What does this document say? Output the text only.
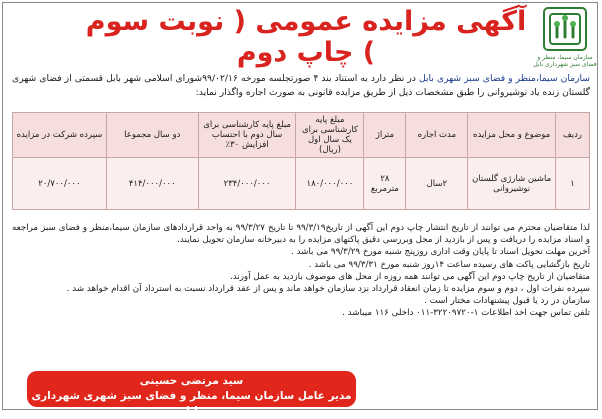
آگهی مزایده عمومی ( نوبت سوم ) چاپ دوم	سازمان سیما، منظر و فضای سبز شهرداری بابل
سازمان سیما،منظر و فضای سبز شهری بابل در نظر دارد به استناد بند ۴ صورتجلسه مورخه ۹۹/۰۲/۱۶شورای اسلامی شهر بابل قسمتی از فضای شهری گلستان زنده یاد نوشیروانی را طبق مشخصات ذیل از طریق مزایده قانونی به صورت اجاره واگذار نماید:
ردیف	موضوع و محل مزایده	مدت اجاره	متراژ	مبلغ پایه کارشناسی برای یک سال اول (ریال)	مبلغ پایه کارشناسی برای سال دوم با احتساب افزایش ۳۰٪	دو سال مجموعا	سپرده شرکت در مزایده
۱	ماشین شارژی گلستان نوشیروانی	۲سال	۲۸ مترمربع	۱۸۰/۰۰۰/۰۰۰	۲۳۴/۰۰۰/۰۰۰	۴۱۴/۰۰۰/۰۰۰	۲۰/۷۰۰/۰۰۰

لذا متقاضیان محترم می توانند از تاریخ انتشار چاپ دوم این آگهی از تاریخ۹۹/۳/۱۹ تا تاریخ ۹۹/۳/۲۷ به واحد قراردادهای سازمان سیما،منظر و فضای سبز مراجعه و اسناد مزایده را دریافت و پس از بازدید از محل وبررسی دقیق پاکتهای مزایده را به دبیرخانه سازمان تحویل نمایند.

آخرین مهلت تحویل اسناد تا پایان وقت اداری روزپنج شنبه مورخ ۹۹/۳/۲۹ می باشد .

تاریخ بازگشایی پاکت های رسیده ساعت ۱۴روز شنبه مورخ ۹۹/۳/۳۱ می باشد .

متقاضیان از تاریخ چاپ دوم این آگهی می توانند همه روزه از محل های موصوف بازدید به عمل آورند.

سپرده نفرات اول ، دوم و سوم مزایده تا زمان انعقاد قرارداد نزد سازمان خواهد ماند و پس از عقد قرارداد نسبت به استرداد آن اقدام خواهد شد .

سازمان در رد یا قبول پیشنهادات مختار است .

تلفن تماس جهت اخذ اطلاعات ۱-۳۲۲۰۹۷۲۰-۰۱۱ داخلی ۱۱۶ میباشد .

سید مرتضی حسینی
مدیر عامل سازمان سیما، منظر و فضای سبز شهری شهرداری بابل
